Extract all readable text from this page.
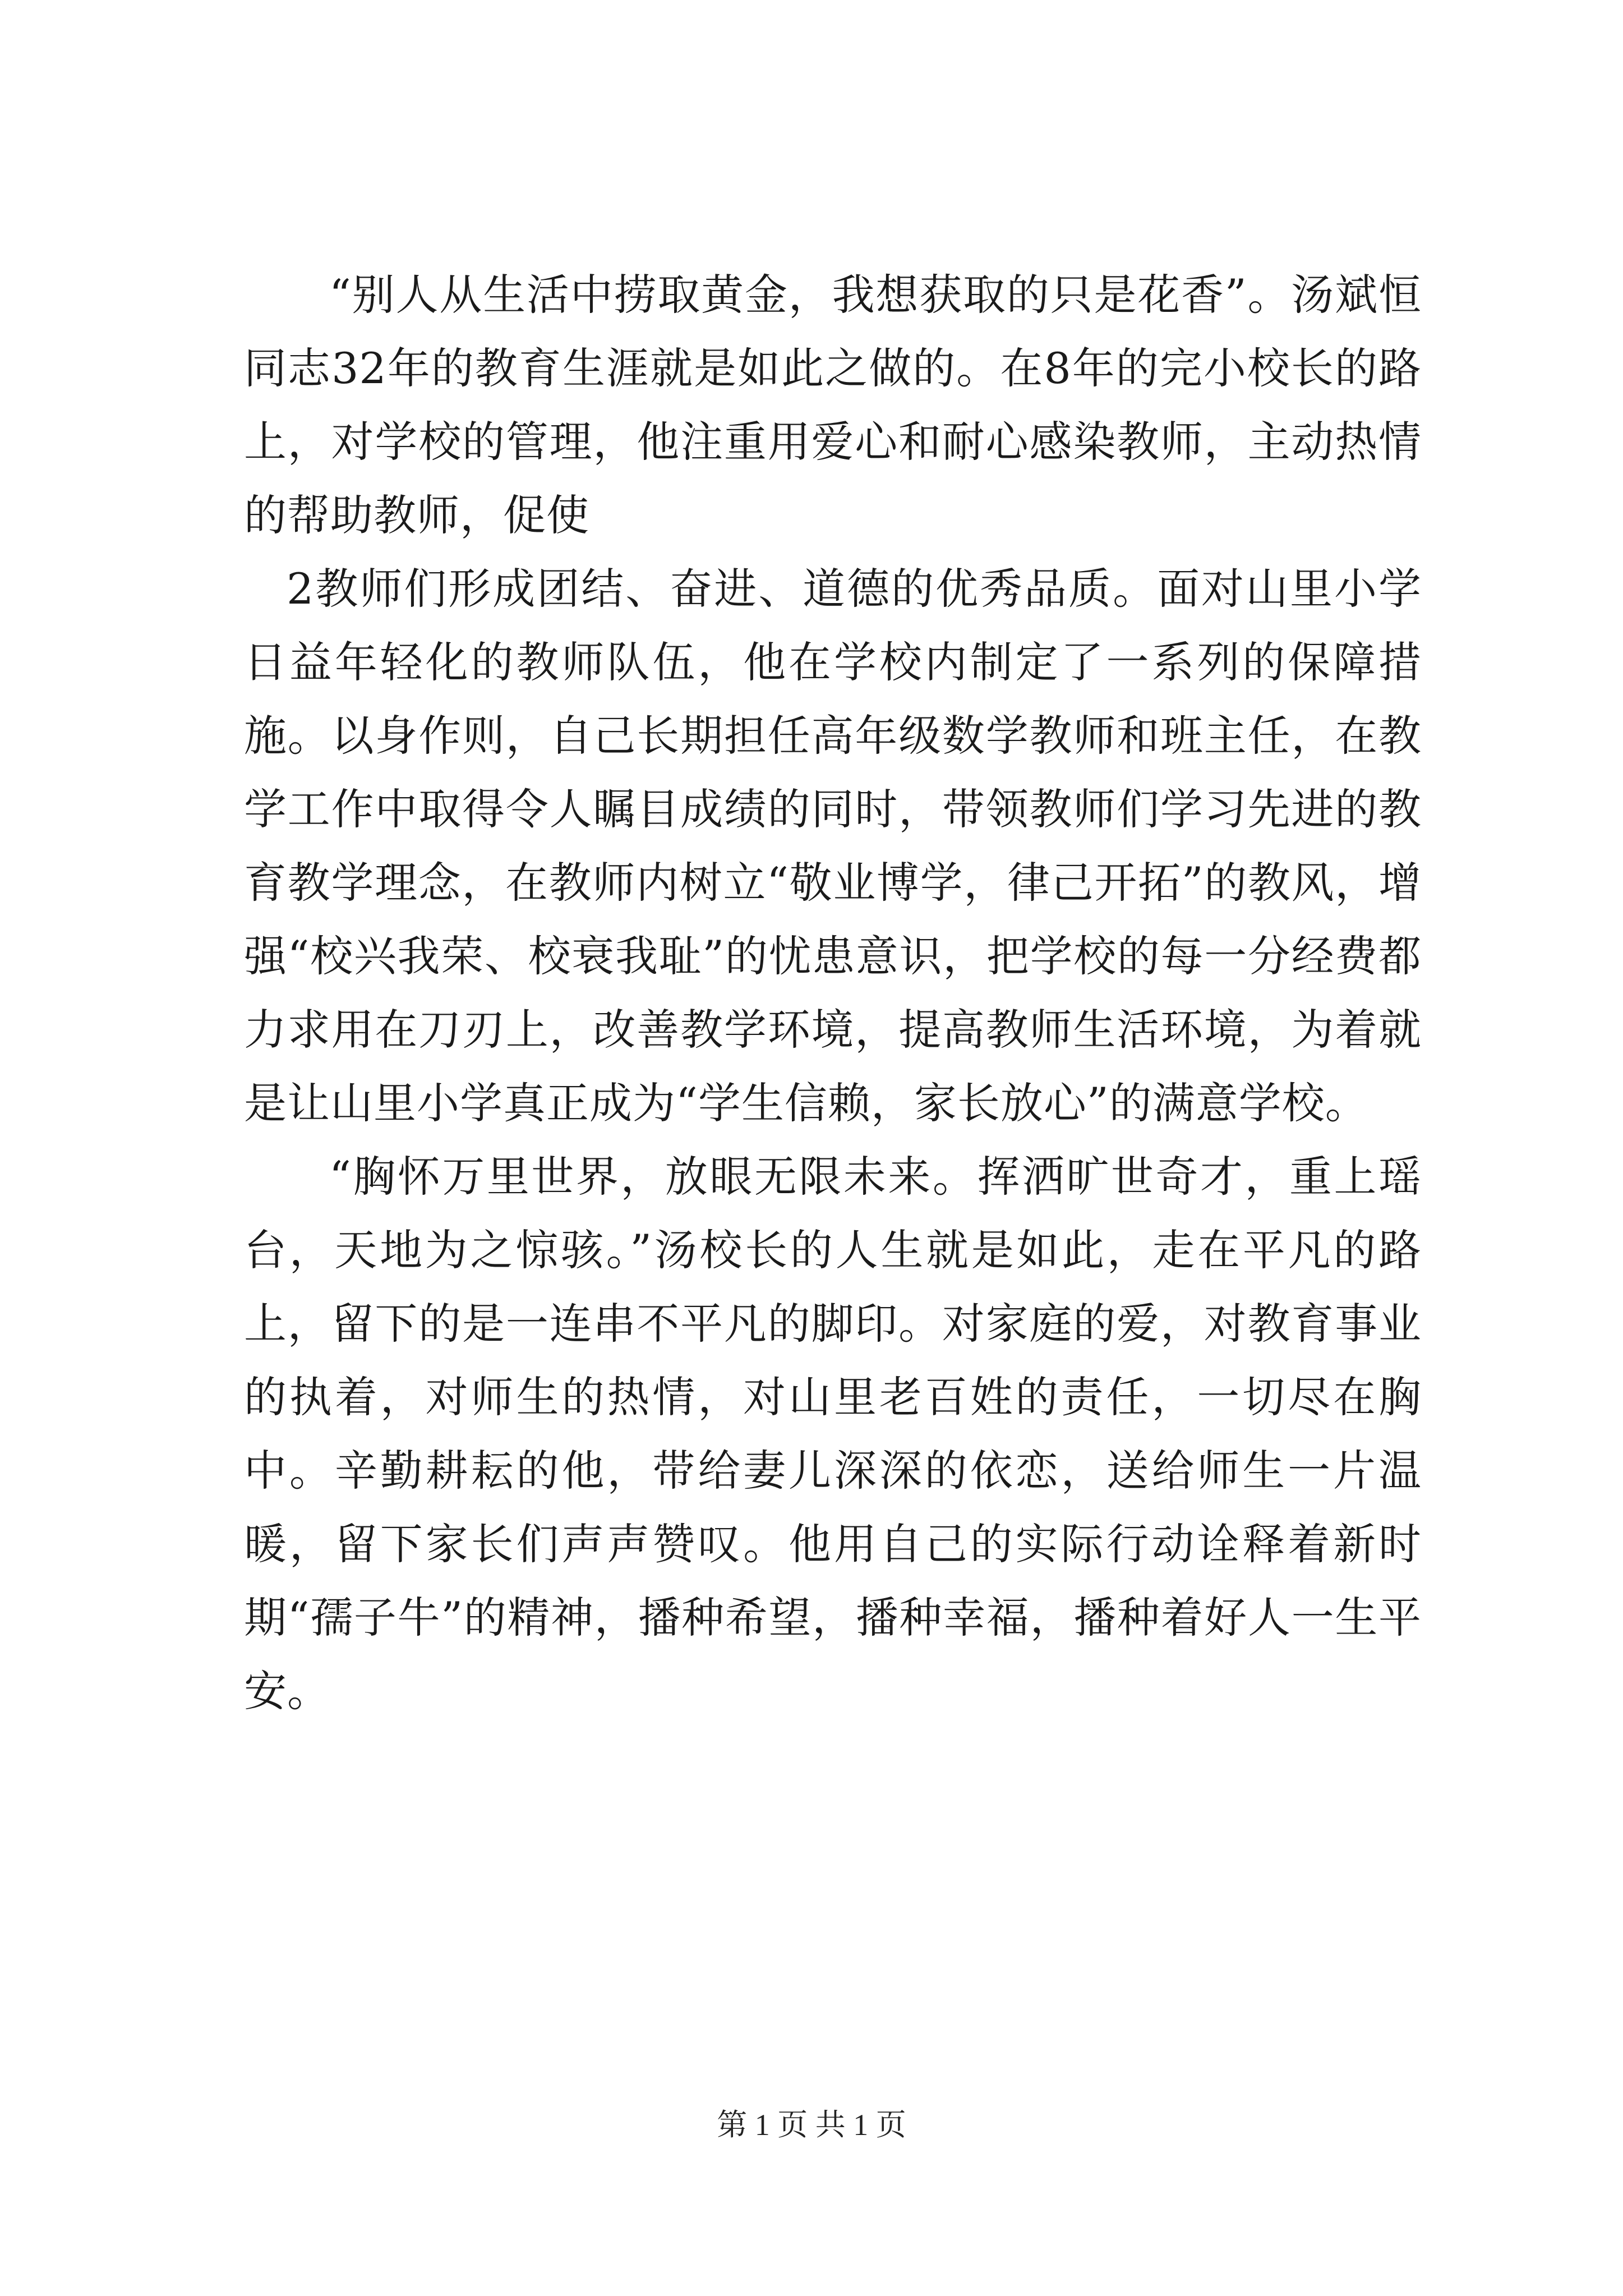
“别人从生活中捞取黄金，我想获取的只是花香”。汤斌恒同志32年的教育生涯就是如此之做的。在8年的完小校长的路上，对学校的管理，他注重用爱心和耐心感染教师，主动热情的帮助教师，促使

2教师们形成团结、奋进、道德的优秀品质。面对山里小学日益年轻化的教师队伍，他在学校内制定了一系列的保障措施。以身作则，自己长期担任高年级数学教师和班主任，在教学工作中取得令人瞩目成绩的同时，带领教师们学习先进的教育教学理念，在教师内树立“敬业博学，律己开拓”的教风，增强“校兴我荣、校衰我耻”的忧患意识，把学校的每一分经费都力求用在刀刃上，改善教学环境，提高教师生活环境，为着就是让山里小学真正成为“学生信赖，家长放心”的满意学校。

“胸怀万里世界，放眼无限未来。挥洒旷世奇才，重上瑶台，天地为之惊骇。”汤校长的人生就是如此，走在平凡的路上，留下的是一连串不平凡的脚印。对家庭的爱，对教育事业的执着，对师生的热情，对山里老百姓的责任，一切尽在胸中。辛勤耕耘的他，带给妻儿深深的依恋，送给师生一片温暖，留下家长们声声赞叹。他用自己的实际行动诠释着新时期“孺子牛”的精神，播种希望，播种幸福，播种着好人一生平安。

第 1 页 共 1 页
